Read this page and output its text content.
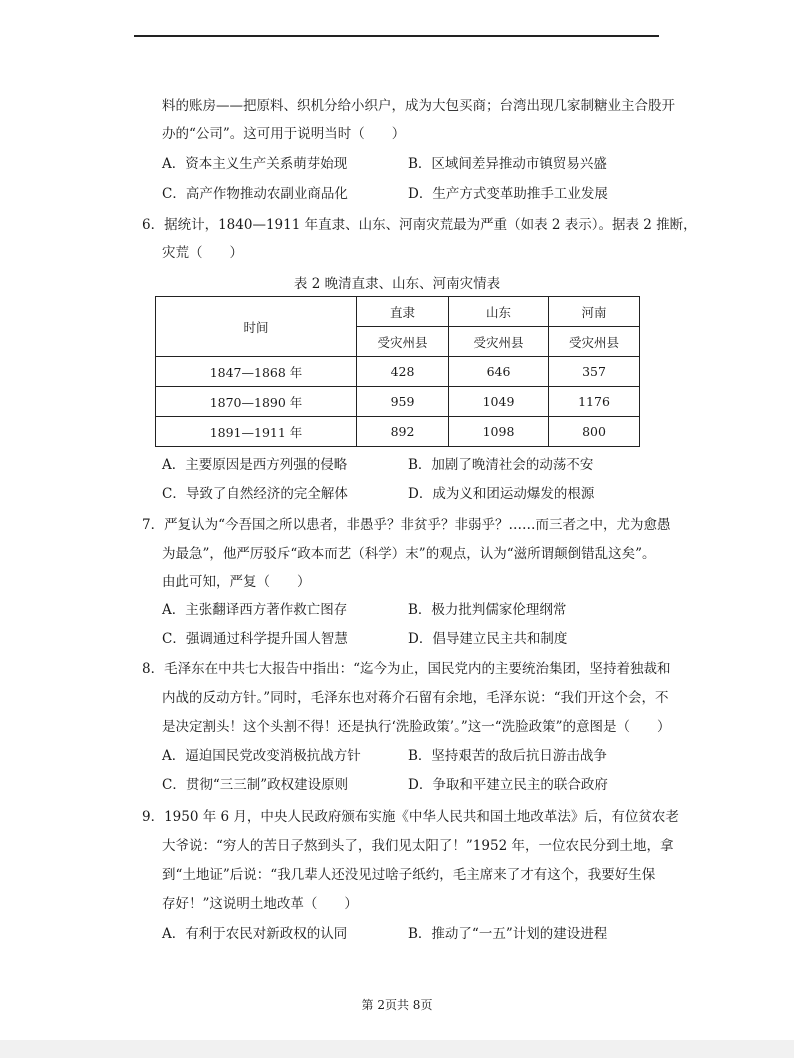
料的账房——把原料、织机分给小织户，成为大包买商；台湾出现几家制糖业主合股开
办的“公司”。这可用于说明当时（　　）
A．资本主义生产关系萌芽始现	B．区域间差异推动市镇贸易兴盛
C．高产作物推动农副业商品化	D．生产方式变革助推手工业发展
6．据统计，1840—1911 年直隶、山东、河南灾荒最为严重（如表 2 表示）。据表 2 推断，
灾荒（　　）
表 2 晚清直隶、山东、河南灾情表
时间	直隶	山东	河南
	受灾州县	受灾州县	受灾州县
1847—1868 年	428	646	357
1870—1890 年	959	1049	1176
1891—1911 年	892	1098	800
A．主要原因是西方列强的侵略	B．加剧了晚清社会的动荡不安
C．导致了自然经济的完全解体	D．成为义和团运动爆发的根源
7．严复认为“今吾国之所以患者，非愚乎？非贫乎？非弱乎？……而三者之中，尤为愈愚
为最急”，他严厉驳斥“政本而艺（科学）末”的观点，认为“滋所谓颠倒错乱这矣”。
由此可知，严复（　　）
A．主张翻译西方著作救亡图存	B．极力批判儒家伦理纲常
C．强调通过科学提升国人智慧	D．倡导建立民主共和制度
8．毛泽东在中共七大报告中指出：“迄今为止，国民党内的主要统治集团，坚持着独裁和
内战的反动方针。”同时，毛泽东也对蒋介石留有余地，毛泽东说：“我们开这个会，不
是决定割头！这个头割不得！还是执行‘洗脸政策’。”这一“洗脸政策”的意图是（　　）
A．逼迫国民党改变消极抗战方针	B．坚持艰苦的敌后抗日游击战争
C．贯彻“三三制”政权建设原则	D．争取和平建立民主的联合政府
9．1950 年 6 月，中央人民政府颁布实施《中华人民共和国土地改革法》后，有位贫农老
大爷说：“穷人的苦日子熬到头了，我们见太阳了！”1952 年，一位农民分到土地，拿
到“土地证”后说：“我几辈人还没见过啥子纸约，毛主席来了才有这个，我要好生保
存好！”这说明土地改革（　　）
A．有利于农民对新政权的认同	B．推动了“一五”计划的建设进程
第 2页共 8页
